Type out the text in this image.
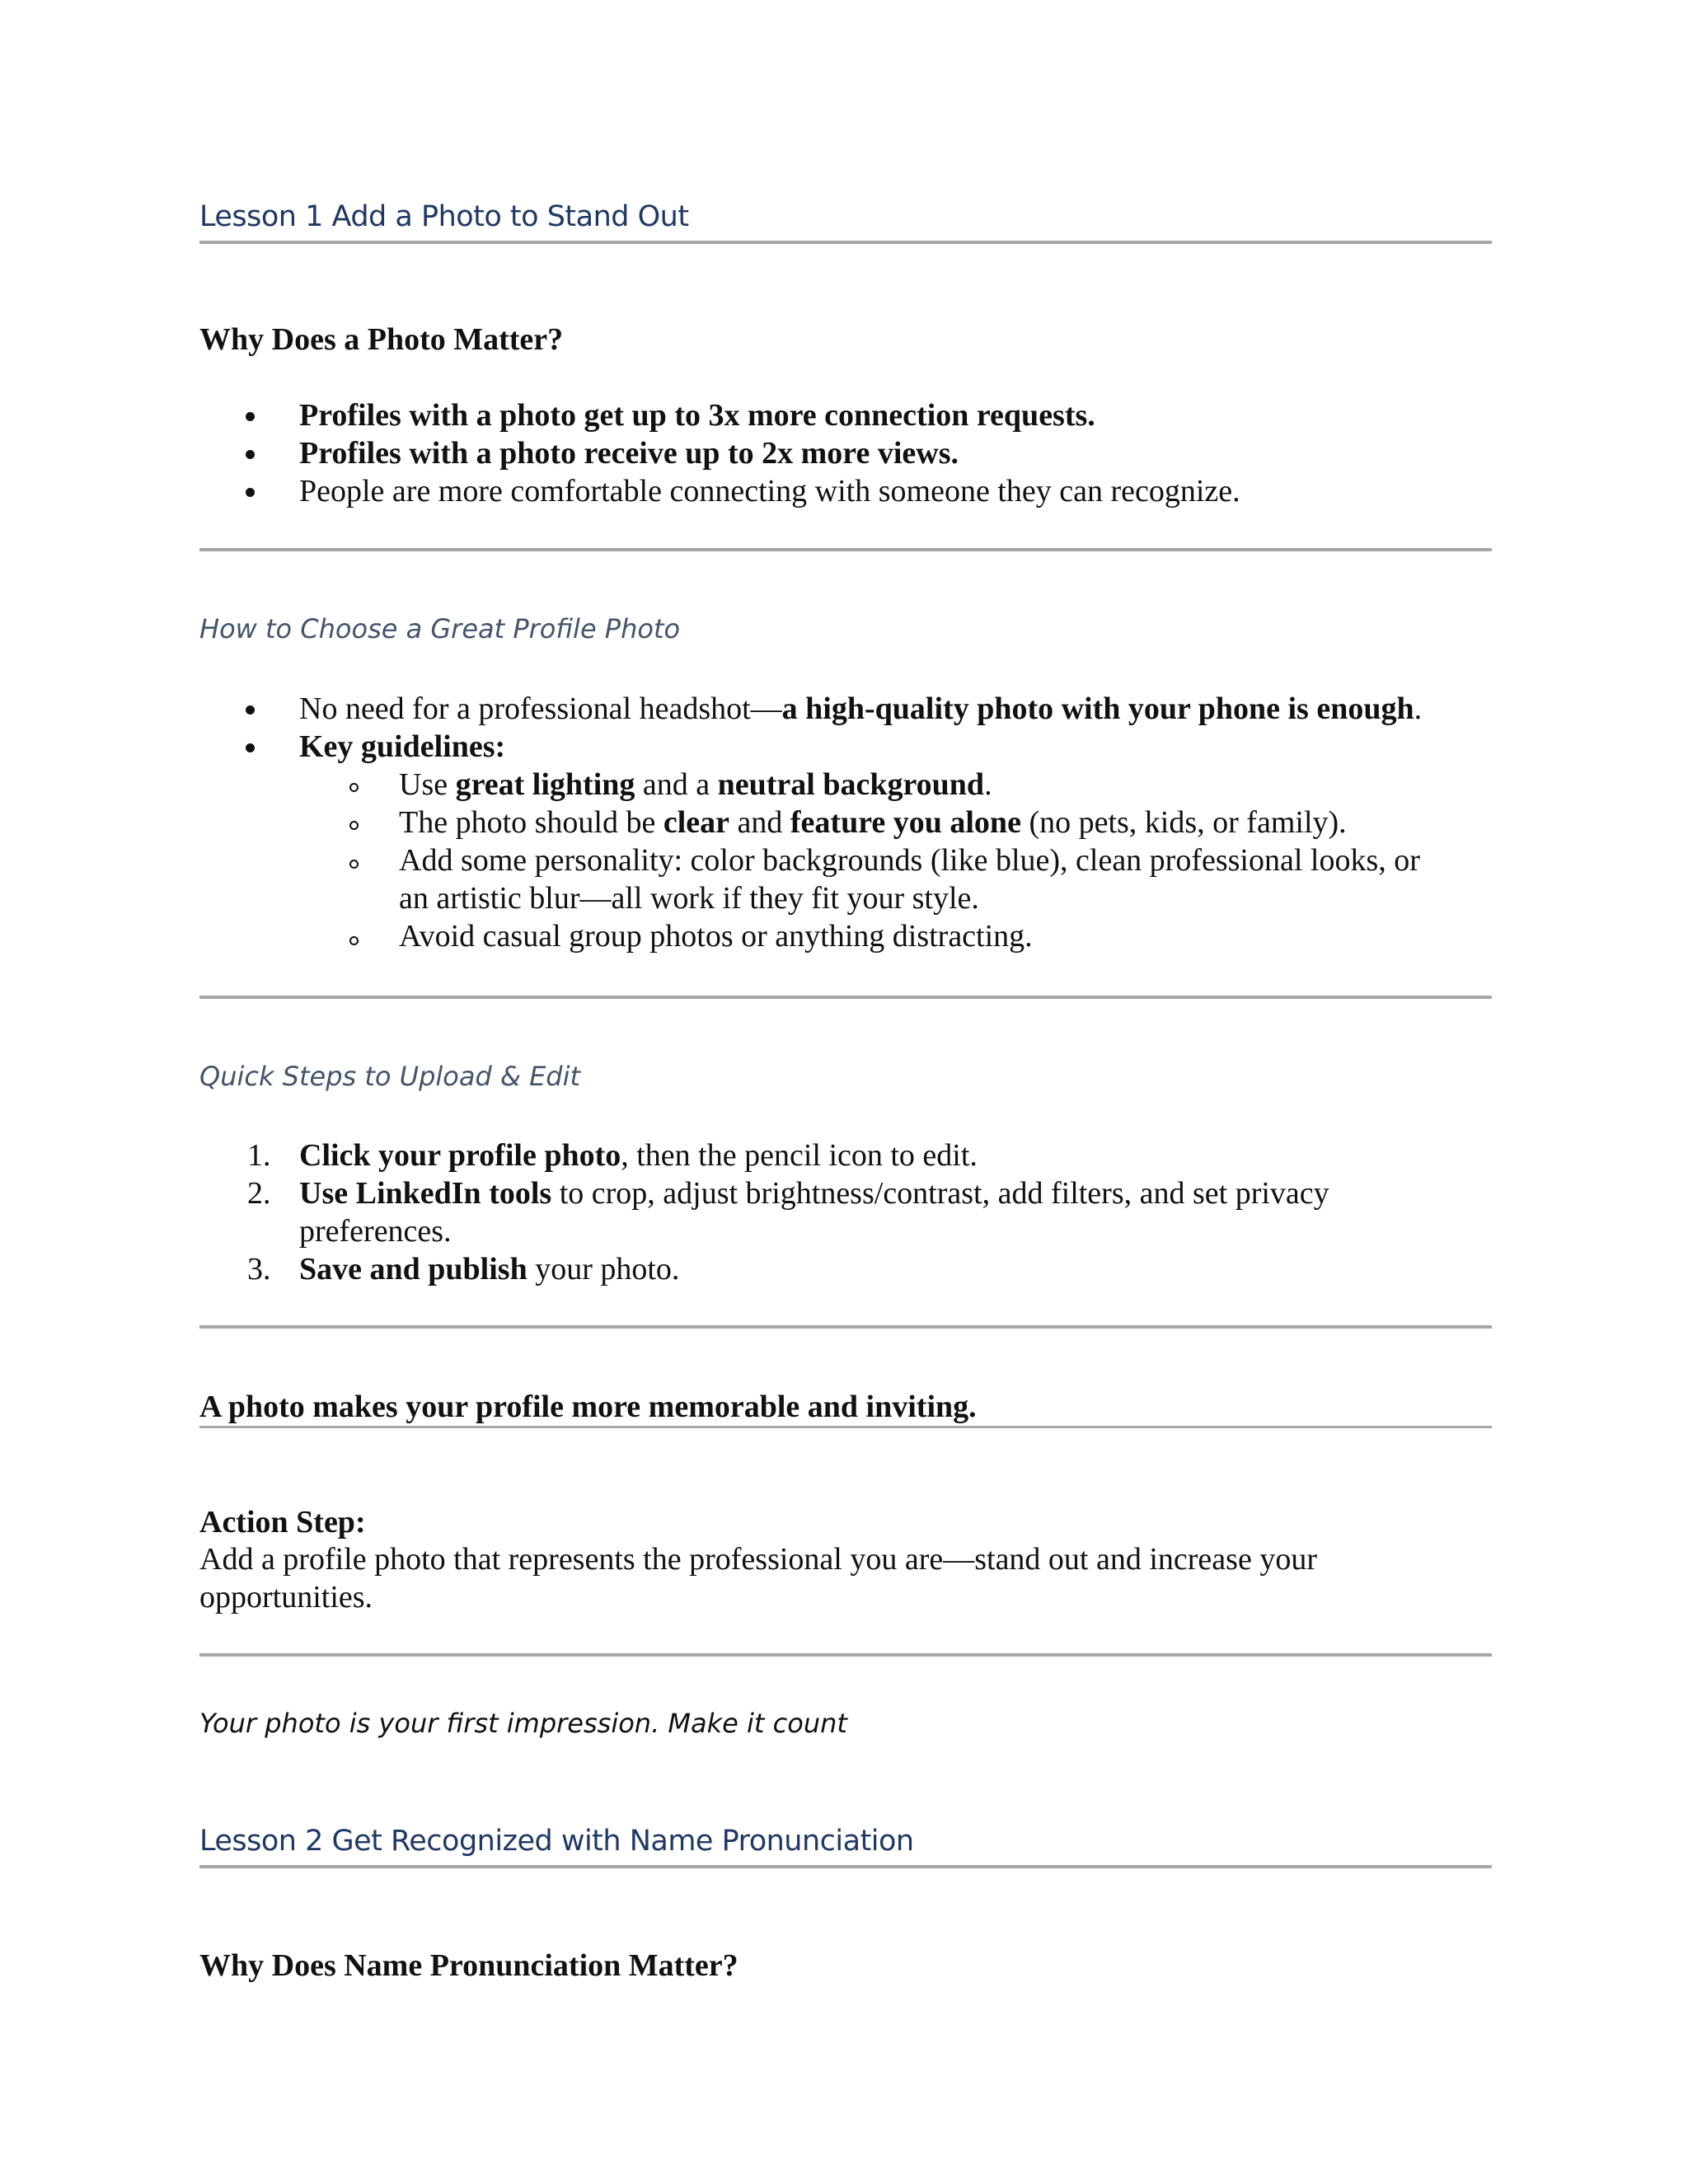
Lesson 1 Add a Photo to Stand Out
Why Does a Photo Matter?
Profiles with a photo get up to 3x more connection requests.
Profiles with a photo receive up to 2x more views.
People are more comfortable connecting with someone they can recognize.
How to Choose a Great Profile Photo
No need for a professional headshot—a high-quality photo with your phone is enough.
Key guidelines:
Use great lighting and a neutral background.
The photo should be clear and feature you alone (no pets, kids, or family).
Add some personality: color backgrounds (like blue), clean professional looks, or
an artistic blur—all work if they fit your style.
Avoid casual group photos or anything distracting.
Quick Steps to Upload & Edit
1. Click your profile photo, then the pencil icon to edit.
2. Use LinkedIn tools to crop, adjust brightness/contrast, add filters, and set privacy
preferences.
3. Save and publish your photo.
A photo makes your profile more memorable and inviting.
Action Step:
Add a profile photo that represents the professional you are—stand out and increase your
opportunities.
Your photo is your first impression. Make it count
Lesson 2 Get Recognized with Name Pronunciation
Why Does Name Pronunciation Matter?
